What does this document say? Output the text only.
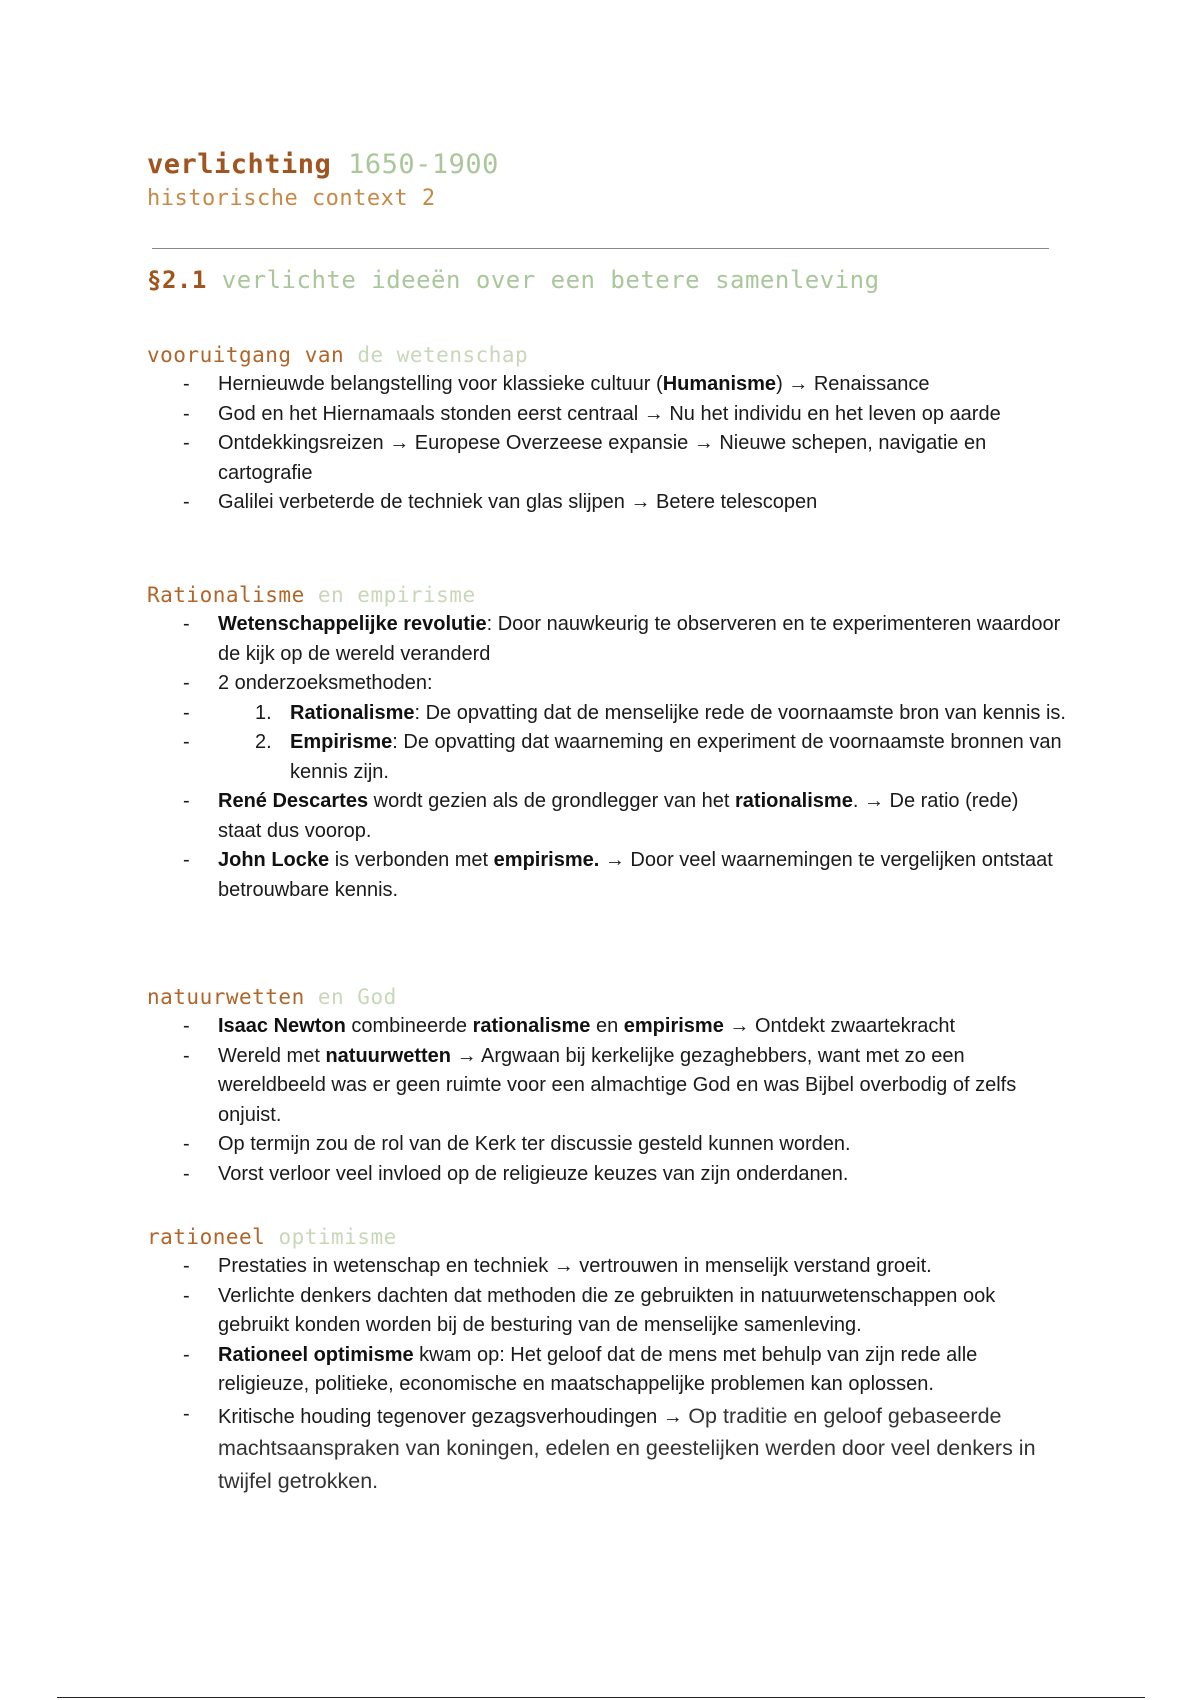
verlichting 1650-1900
historische context 2
§2.1 verlichte ideeën over een betere samenleving
vooruitgang van de wetenschap
- Hernieuwde belangstelling voor klassieke cultuur (Humanisme) → Renaissance
- God en het Hiernamaals stonden eerst centraal → Nu het individu en het leven op aarde
- Ontdekkingsreizen → Europese Overzeese expansie → Nieuwe schepen, navigatie en cartografie
- Galilei verbeterde de techniek van glas slijpen → Betere telescopen
Rationalisme en empirisme
- Wetenschappelijke revolutie: Door nauwkeurig te observeren en te experimenteren waardoor de kijk op de wereld veranderd
- 2 onderzoeksmethoden:
- 1. Rationalisme: De opvatting dat de menselijke rede de voornaamste bron van kennis is.
- 2. Empirisme: De opvatting dat waarneming en experiment de voornaamste bronnen van kennis zijn.
- René Descartes wordt gezien als de grondlegger van het rationalisme. → De ratio (rede) staat dus voorop.
- John Locke is verbonden met empirisme. → Door veel waarnemingen te vergelijken ontstaat betrouwbare kennis.
natuurwetten en God
- Isaac Newton combineerde rationalisme en empirisme → Ontdekt zwaartekracht
- Wereld met natuurwetten → Argwaan bij kerkelijke gezaghebbers, want met zo een wereldbeeld was er geen ruimte voor een almachtige God en was Bijbel overbodig of zelfs onjuist.
- Op termijn zou de rol van de Kerk ter discussie gesteld kunnen worden.
- Vorst verloor veel invloed op de religieuze keuzes van zijn onderdanen.
rationeel optimisme
- Prestaties in wetenschap en techniek → vertrouwen in menselijk verstand groeit.
- Verlichte denkers dachten dat methoden die ze gebruikten in natuurwetenschappen ook gebruikt konden worden bij de besturing van de menselijke samenleving.
- Rationeel optimisme kwam op: Het geloof dat de mens met behulp van zijn rede alle religieuze, politieke, economische en maatschappelijke problemen kan oplossen.
- Kritische houding tegenover gezagsverhoudingen → Op traditie en geloof gebaseerde machtsaanspraken van koningen, edelen en geestelijken werden door veel denkers in twijfel getrokken.
